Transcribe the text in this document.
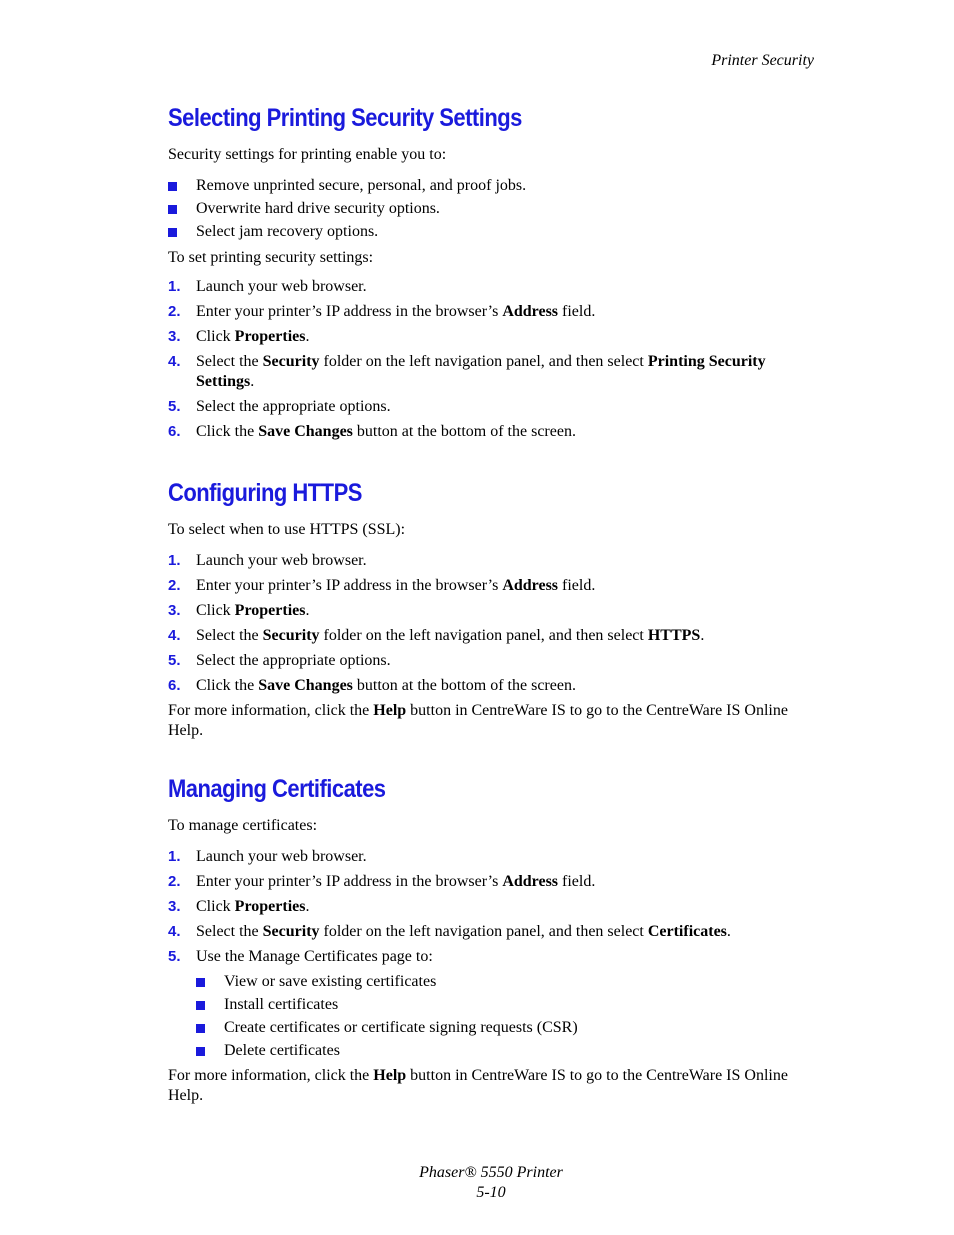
Printer Security
Selecting Printing Security Settings

Security settings for printing enable you to:

Remove unprinted secure, personal, and proof jobs.
Overwrite hard drive security options.
Select jam recovery options.

To set printing security settings:

1. Launch your web browser.
2. Enter your printer’s IP address in the browser’s Address field.
3. Click Properties.
4. Select the Security folder on the left navigation panel, and then select Printing Security Settings.
5. Select the appropriate options.
6. Click the Save Changes button at the bottom of the screen.
Configuring HTTPS

To select when to use HTTPS (SSL):

1. Launch your web browser.
2. Enter your printer’s IP address in the browser’s Address field.
3. Click Properties.
4. Select the Security folder on the left navigation panel, and then select HTTPS.
5. Select the appropriate options.
6. Click the Save Changes button at the bottom of the screen.

For more information, click the Help button in CentreWare IS to go to the CentreWare IS Online Help.

Managing Certificates

To manage certificates:

1. Launch your web browser.
2. Enter your printer’s IP address in the browser’s Address field.
3. Click Properties.
4. Select the Security folder on the left navigation panel, and then select Certificates.
5. Use the Manage Certificates page to:
View or save existing certificates
Install certificates
Create certificates or certificate signing requests (CSR)
Delete certificates

For more information, click the Help button in CentreWare IS to go to the CentreWare IS Online Help.

Phaser® 5550 Printer
5-10
